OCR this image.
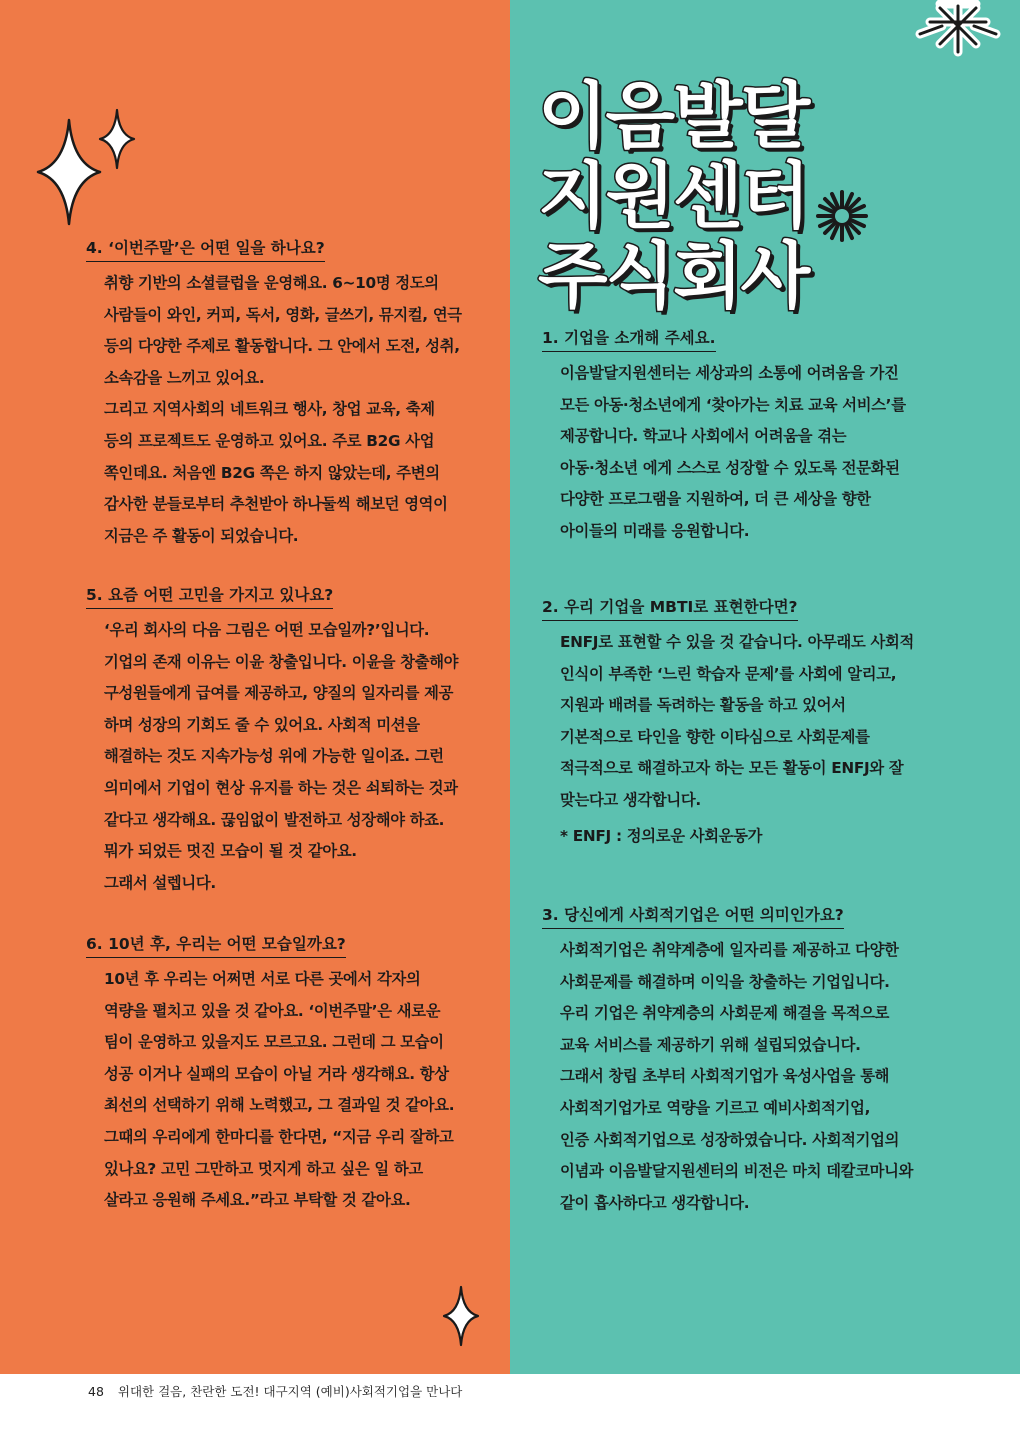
이음발달
지원센터
주식회사
4. ‘이번주말’은 어떤 일을 하나요?
취향 기반의 소셜클럽을 운영해요. 6~10명 정도의
사람들이 와인, 커피, 독서, 영화, 글쓰기, 뮤지컬, 연극
등의 다양한 주제로 활동합니다. 그 안에서 도전, 성취,
소속감을 느끼고 있어요.
그리고 지역사회의 네트워크 행사, 창업 교육, 축제
등의 프로젝트도 운영하고 있어요. 주로 B2G 사업
쪽인데요. 처음엔 B2G 쪽은 하지 않았는데, 주변의
감사한 분들로부터 추천받아 하나둘씩 해보던 영역이
지금은 주 활동이 되었습니다.
5. 요즘 어떤 고민을 가지고 있나요?
‘우리 회사의 다음 그림은 어떤 모습일까?’입니다.
기업의 존재 이유는 이윤 창출입니다. 이윤을 창출해야
구성원들에게 급여를 제공하고, 양질의 일자리를 제공
하며 성장의 기회도 줄 수 있어요. 사회적 미션을
해결하는 것도 지속가능성 위에 가능한 일이죠. 그런
의미에서 기업이 현상 유지를 하는 것은 쇠퇴하는 것과
같다고 생각해요. 끊임없이 발전하고 성장해야 하죠.
뭐가 되었든 멋진 모습이 될 것 같아요.
그래서 설렙니다.
6. 10년 후, 우리는 어떤 모습일까요?
10년 후 우리는 어쩌면 서로 다른 곳에서 각자의
역량을 펼치고 있을 것 같아요. ‘이번주말’은 새로운
팀이 운영하고 있을지도 모르고요. 그런데 그 모습이
성공 이거나 실패의 모습이 아닐 거라 생각해요. 항상
최선의 선택하기 위해 노력했고, 그 결과일 것 같아요.
그때의 우리에게 한마디를 한다면, “지금 우리 잘하고
있나요? 고민 그만하고 멋지게 하고 싶은 일 하고
살라고 응원해 주세요.”라고 부탁할 것 같아요.
1. 기업을 소개해 주세요.
이음발달지원센터는 세상과의 소통에 어려움을 가진
모든 아동·청소년에게 ‘찾아가는 치료 교육 서비스’를
제공합니다. 학교나 사회에서 어려움을 겪는
아동·청소년 에게 스스로 성장할 수 있도록 전문화된
다양한 프로그램을 지원하여, 더 큰 세상을 향한
아이들의 미래를 응원합니다.
2. 우리 기업을 MBTI로 표현한다면?
ENFJ로 표현할 수 있을 것 같습니다. 아무래도 사회적
인식이 부족한 ‘느린 학습자 문제’를 사회에 알리고,
지원과 배려를 독려하는 활동을 하고 있어서
기본적으로 타인을 향한 이타심으로 사회문제를
적극적으로 해결하고자 하는 모든 활동이 ENFJ와 잘
맞는다고 생각합니다.
* ENFJ : 정의로운 사회운동가
3. 당신에게 사회적기업은 어떤 의미인가요?
사회적기업은 취약계층에 일자리를 제공하고 다양한
사회문제를 해결하며 이익을 창출하는 기업입니다.
우리 기업은 취약계층의 사회문제 해결을 목적으로
교육 서비스를 제공하기 위해 설립되었습니다.
그래서 창립 초부터 사회적기업가 육성사업을 통해
사회적기업가로 역량을 기르고 예비사회적기업,
인증 사회적기업으로 성장하였습니다. 사회적기업의
이념과 이음발달지원센터의 비전은 마치 데칼코마니와
같이 흡사하다고 생각합니다.
48 위대한 걸음, 찬란한 도전! 대구지역 (예비)사회적기업을 만나다
